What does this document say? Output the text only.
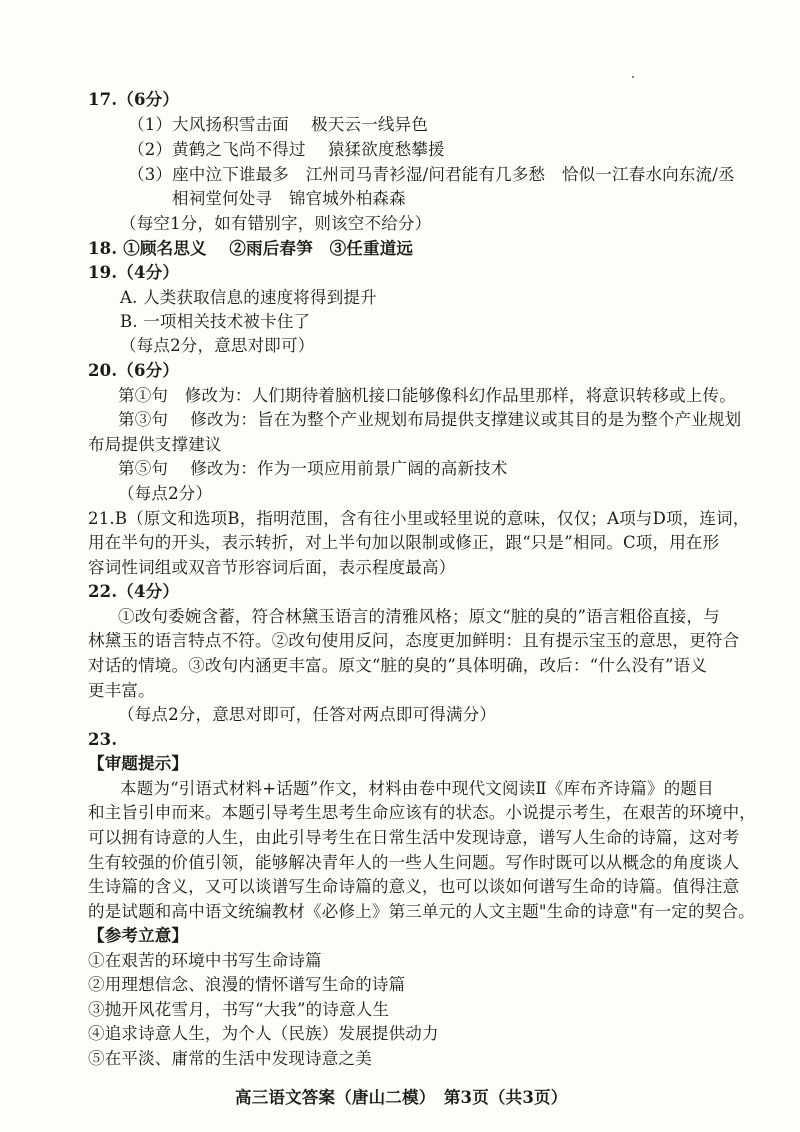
17.（6分）
（1）大风扬积雪击面　 极天云一线异色
（2）黄鹤之飞尚不得过　 猿猱欲度愁攀援
（3）座中泣下谁最多　江州司马青衫湿/问君能有几多愁　恰似一江春水向东流/丞
相祠堂何处寻　锦官城外柏森森
（每空1分，如有错别字，则该空不给分）
18. ①顾名思义　 ②雨后春笋　③任重道远
19.（4分）
A. 人类获取信息的速度将得到提升
B. 一项相关技术被卡住了
（每点2分，意思对即可）
20.（6分）
第①句　修改为：人们期待着脑机接口能够像科幻作品里那样，将意识转移或上传。
第③句　 修改为：旨在为整个产业规划布局提供支撑建议或其目的是为整个产业规划
布局提供支撑建议
第⑤句　 修改为：作为一项应用前景广阔的高新技术
（每点2分）
21.B（原文和选项B，指明范围，含有往小里或轻里说的意味，仅仅；A项与D项，连词，
用在半句的开头，表示转折，对上半句加以限制或修正，跟“只是”相同。C项，用在形
容词性词组或双音节形容词后面，表示程度最高）
22.（4分）
①改句委婉含蓄，符合林黛玉语言的清雅风格；原文“脏的臭的”语言粗俗直接，与
林黛玉的语言特点不符。②改句使用反问，态度更加鲜明：且有提示宝玉的意思，更符合
对话的情境。③改句内涵更丰富。原文“脏的臭的”具体明确，改后：“什么没有”语义
更丰富。
（每点2分，意思对即可，任答对两点即可得满分）
23.
【审题提示】
本题为“引语式材料+话题”作文，材料由卷中现代文阅读Ⅱ《库布齐诗篇》的题目
和主旨引申而来。本题引导考生思考生命应该有的状态。小说提示考生，在艰苦的环境中，
可以拥有诗意的人生，由此引导考生在日常生活中发现诗意，谱写人生命的诗篇，这对考
生有较强的价值引领，能够解决青年人的一些人生问题。写作时既可以从概念的角度谈人
生诗篇的含义，又可以谈谱写生命诗篇的意义，也可以谈如何谱写生命的诗篇。值得注意
的是试题和高中语文统编教材《必修上》第三单元的人文主题"生命的诗意"有一定的契合。
【参考立意】
①在艰苦的环境中书写生命诗篇
②用理想信念、浪漫的情怀谱写生命的诗篇
③抛开风花雪月，书写“大我”的诗意人生
④追求诗意人生，为个人（民族）发展提供动力
⑤在平淡、庸常的生活中发现诗意之美
高三语文答案（唐山二模）　第3页（共3页）
